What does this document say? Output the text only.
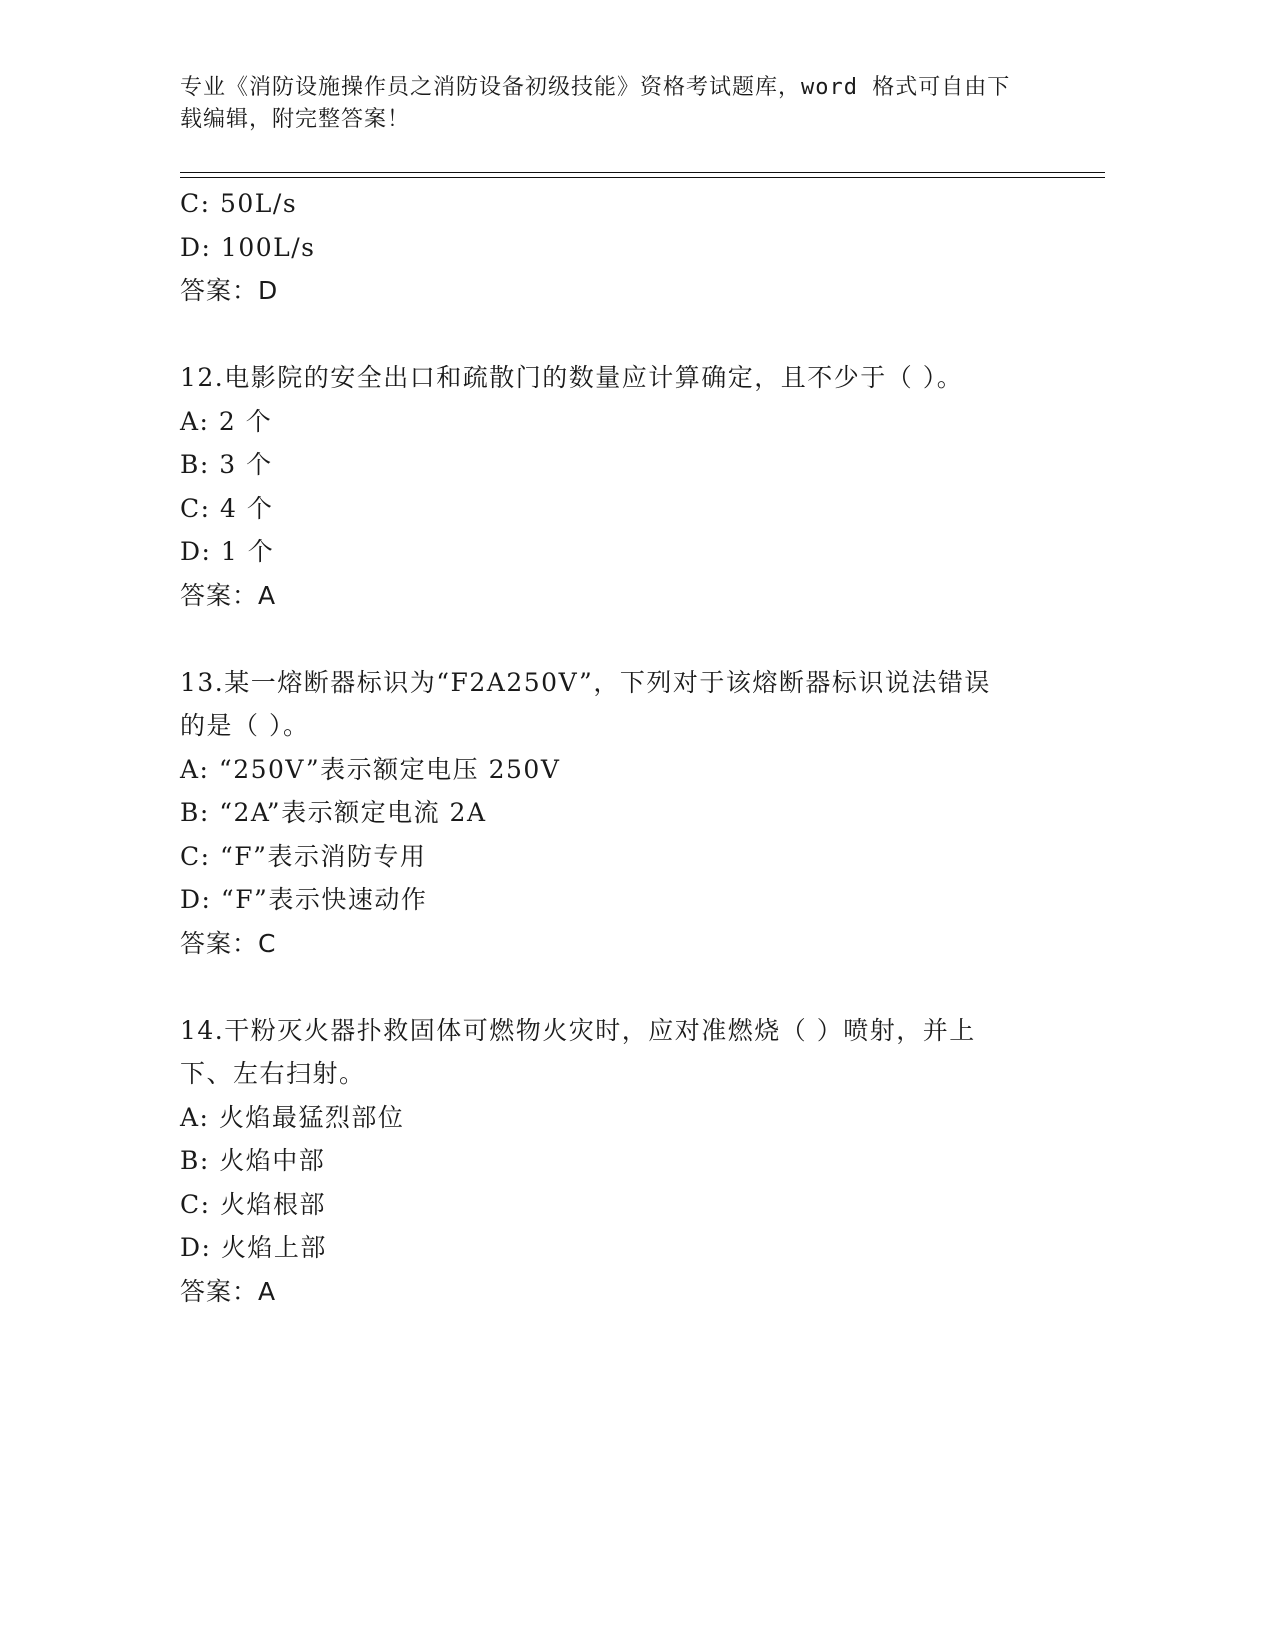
专业《消防设施操作员之消防设备初级技能》资格考试题库，word 格式可自由下
载编辑，附完整答案！
C: 50L/s
D: 100L/s
答案：D
12.电影院的安全出口和疏散门的数量应计算确定，且不少于（ ）。
A: 2 个
B: 3 个
C: 4 个
D: 1 个
答案：A
13.某一熔断器标识为“F2A250V”，下列对于该熔断器标识说法错误
的是（ ）。
A: “250V”表示额定电压 250V
B: “2A”表示额定电流 2A
C: “F”表示消防专用
D: “F”表示快速动作
答案：C
14.干粉灭火器扑救固体可燃物火灾时，应对准燃烧（ ）喷射，并上
下、左右扫射。
A: 火焰最猛烈部位
B: 火焰中部
C: 火焰根部
D: 火焰上部
答案：A
